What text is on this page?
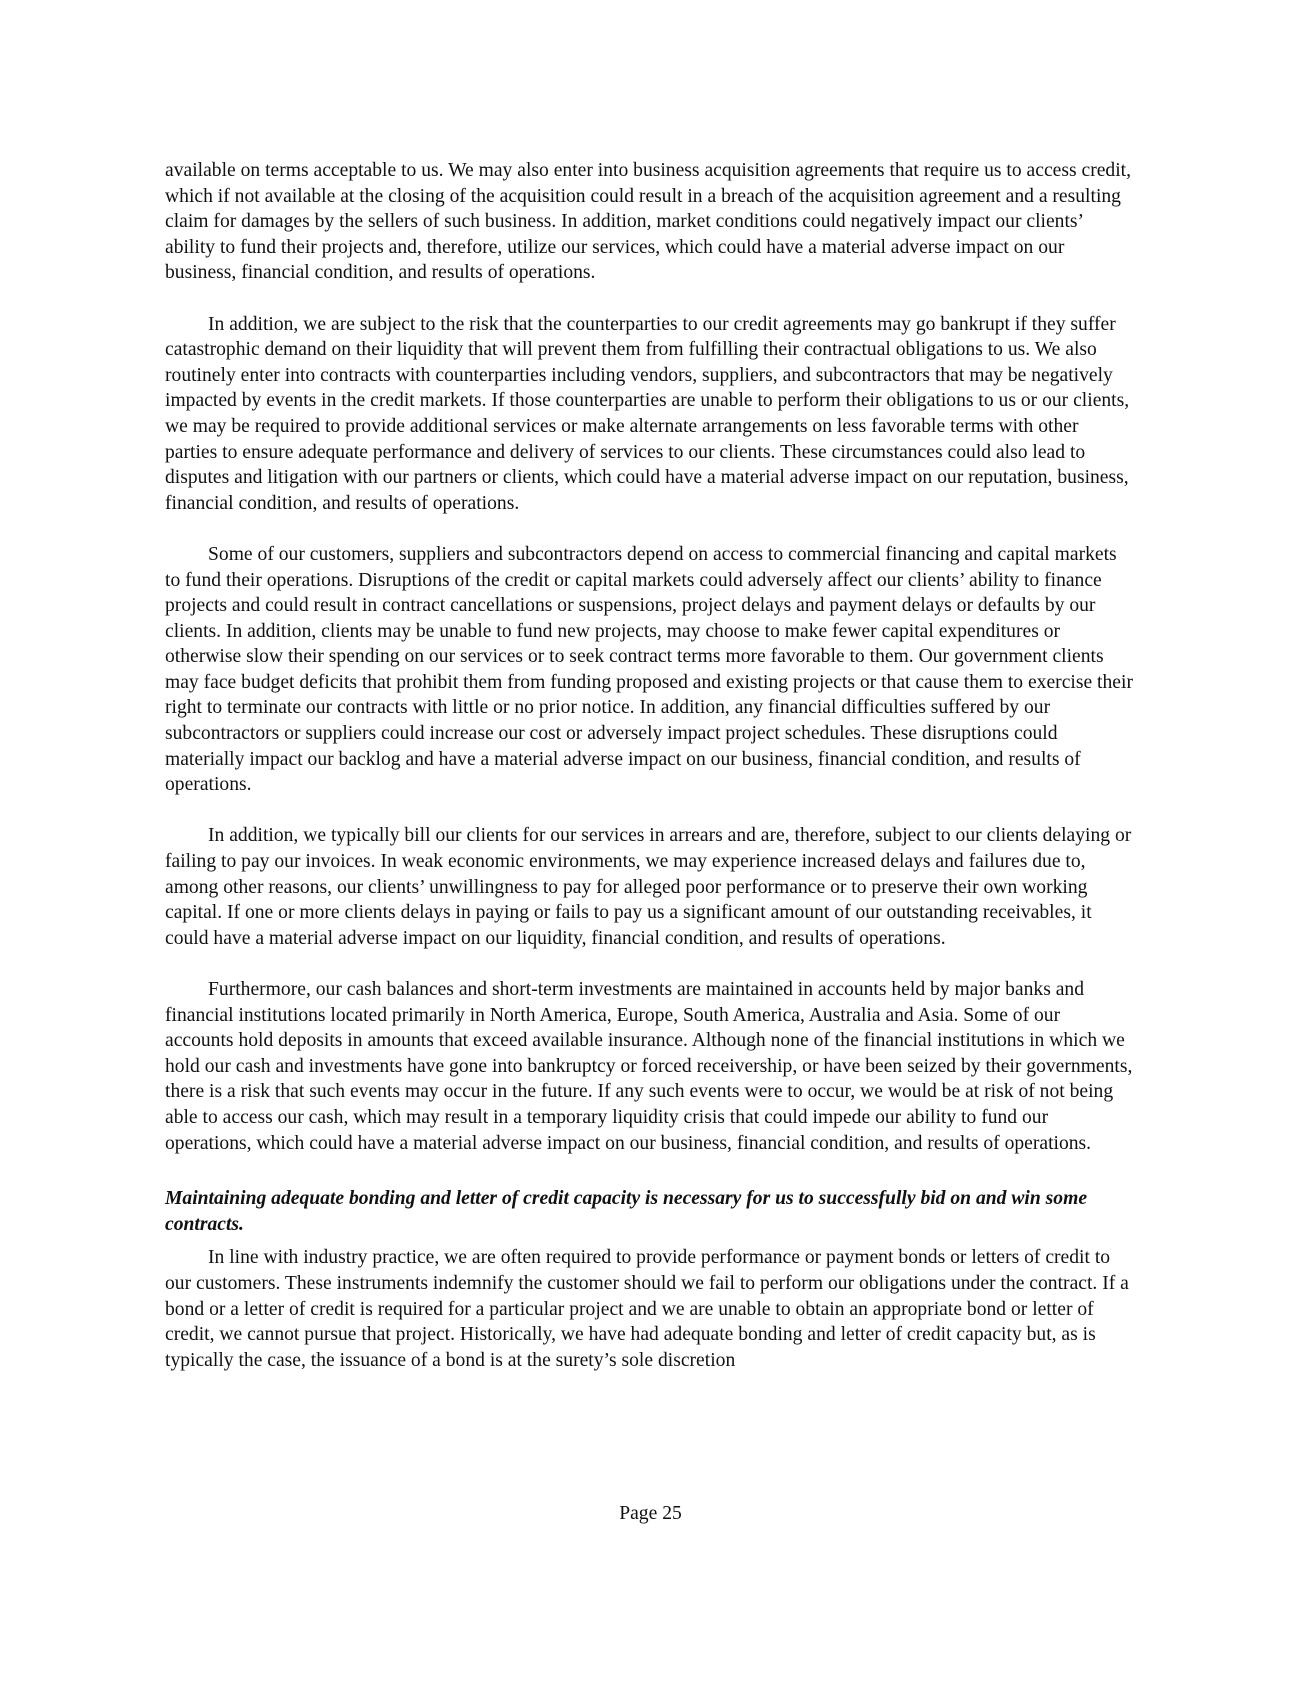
available on terms acceptable to us. We may also enter into business acquisition agreements that require us to access credit, which if not available at the closing of the acquisition could result in a breach of the acquisition agreement and a resulting claim for damages by the sellers of such business. In addition, market conditions could negatively impact our clients’ ability to fund their projects and, therefore, utilize our services, which could have a material adverse impact on our business, financial condition, and results of operations.

In addition, we are subject to the risk that the counterparties to our credit agreements may go bankrupt if they suffer catastrophic demand on their liquidity that will prevent them from fulfilling their contractual obligations to us. We also routinely enter into contracts with counterparties including vendors, suppliers, and subcontractors that may be negatively impacted by events in the credit markets. If those counterparties are unable to perform their obligations to us or our clients, we may be required to provide additional services or make alternate arrangements on less favorable terms with other parties to ensure adequate performance and delivery of services to our clients. These circumstances could also lead to disputes and litigation with our partners or clients, which could have a material adverse impact on our reputation, business, financial condition, and results of operations.

Some of our customers, suppliers and subcontractors depend on access to commercial financing and capital markets to fund their operations. Disruptions of the credit or capital markets could adversely affect our clients’ ability to finance projects and could result in contract cancellations or suspensions, project delays and payment delays or defaults by our clients. In addition, clients may be unable to fund new projects, may choose to make fewer capital expenditures or otherwise slow their spending on our services or to seek contract terms more favorable to them. Our government clients may face budget deficits that prohibit them from funding proposed and existing projects or that cause them to exercise their right to terminate our contracts with little or no prior notice. In addition, any financial difficulties suffered by our subcontractors or suppliers could increase our cost or adversely impact project schedules. These disruptions could materially impact our backlog and have a material adverse impact on our business, financial condition, and results of operations.

In addition, we typically bill our clients for our services in arrears and are, therefore, subject to our clients delaying or failing to pay our invoices. In weak economic environments, we may experience increased delays and failures due to, among other reasons, our clients’ unwillingness to pay for alleged poor performance or to preserve their own working capital. If one or more clients delays in paying or fails to pay us a significant amount of our outstanding receivables, it could have a material adverse impact on our liquidity, financial condition, and results of operations.

Furthermore, our cash balances and short-term investments are maintained in accounts held by major banks and financial institutions located primarily in North America, Europe, South America, Australia and Asia. Some of our accounts hold deposits in amounts that exceed available insurance. Although none of the financial institutions in which we hold our cash and investments have gone into bankruptcy or forced receivership, or have been seized by their governments, there is a risk that such events may occur in the future. If any such events were to occur, we would be at risk of not being able to access our cash, which may result in a temporary liquidity crisis that could impede our ability to fund our operations, which could have a material adverse impact on our business, financial condition, and results of operations.

Maintaining adequate bonding and letter of credit capacity is necessary for us to successfully bid on and win some contracts.

In line with industry practice, we are often required to provide performance or payment bonds or letters of credit to our customers. These instruments indemnify the customer should we fail to perform our obligations under the contract. If a bond or a letter of credit is required for a particular project and we are unable to obtain an appropriate bond or letter of credit, we cannot pursue that project. Historically, we have had adequate bonding and letter of credit capacity but, as is typically the case, the issuance of a bond is at the surety’s sole discretion

Page 25
